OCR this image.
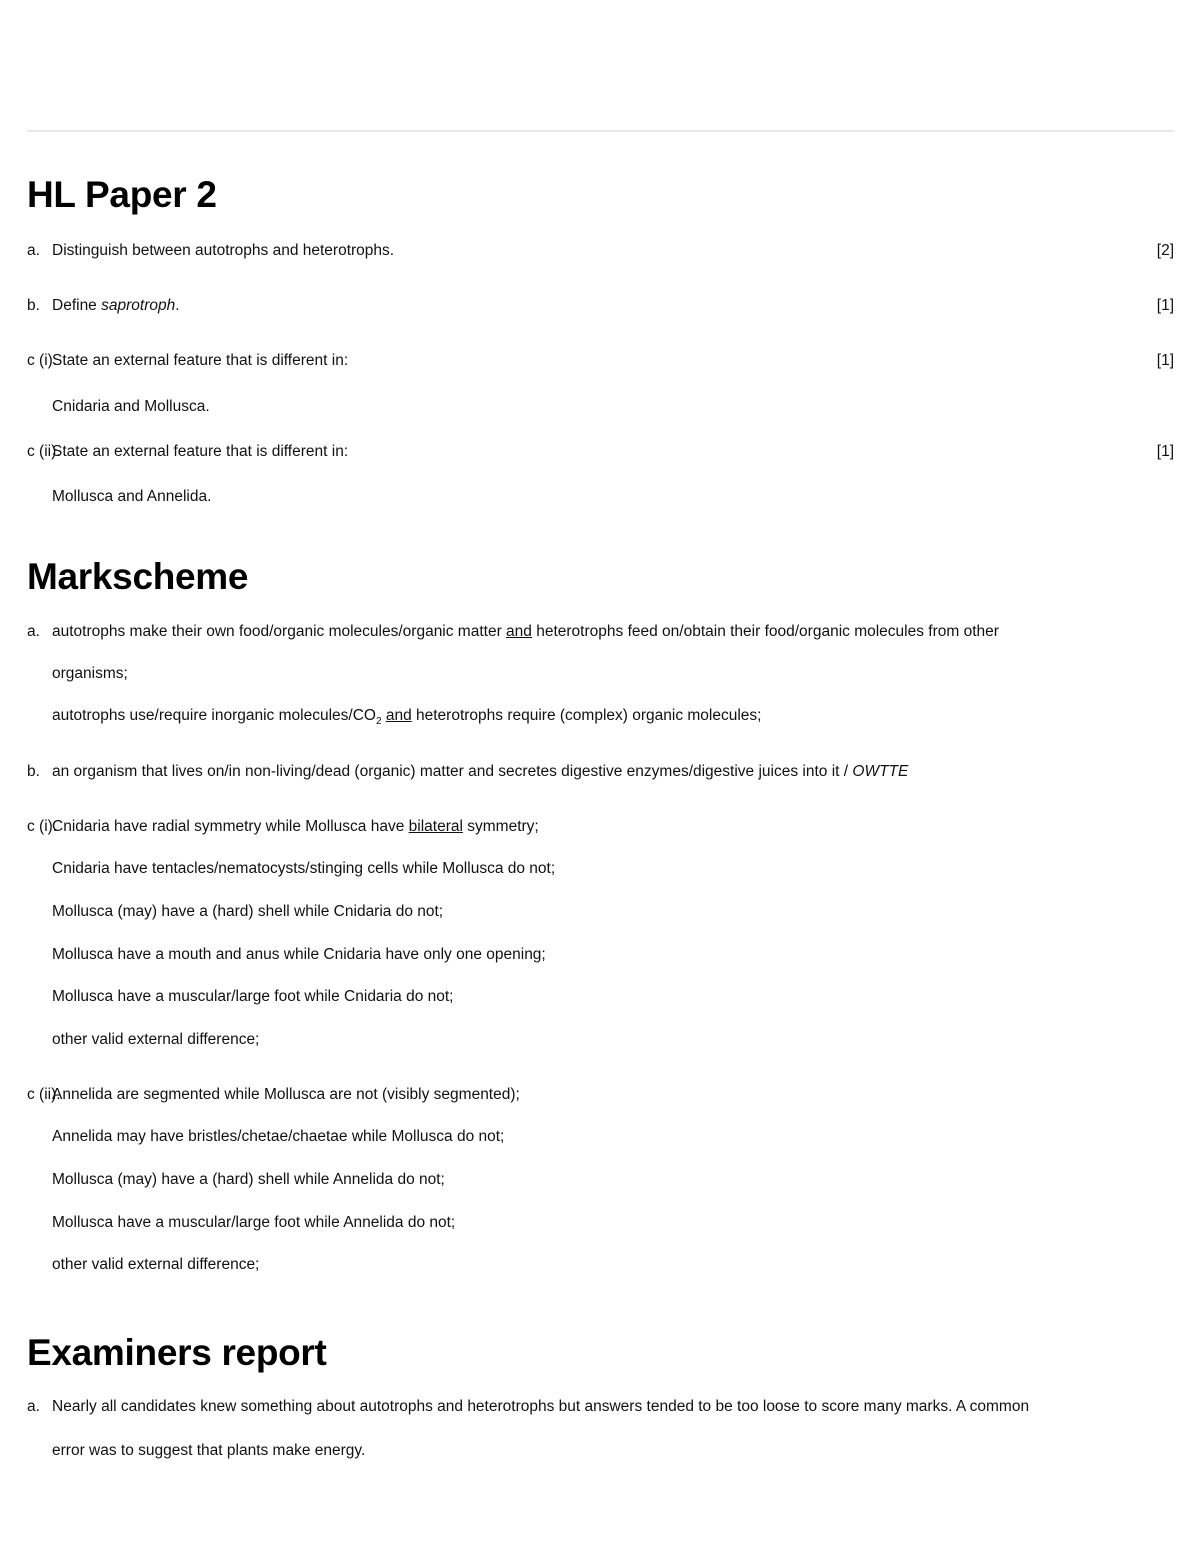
HL Paper 2
a. Distinguish between autotrophs and heterotrophs.	[2]
b. Define saprotroph.	[1]
c (i).
State an external feature that is different in:	[1]
Cnidaria and Mollusca.
c (ii).
State an external feature that is different in:	[1]
Mollusca and Annelida.
Markscheme
a. autotrophs make their own food/organic molecules/organic matter and heterotrophs feed on/obtain their food/organic molecules from other
organisms;
autotrophs use/require inorganic molecules/$CO_2$ and heterotrophs require (complex) organic molecules;
b. an organism that lives on/in non-living/dead (organic) matter and secretes digestive enzymes/digestive juices into it / OWTTE
c (i).
Cnidaria have radial symmetry while Mollusca have bilateral symmetry;
Cnidaria have tentacles/nematocysts/stinging cells while Mollusca do not;
Mollusca (may) have a (hard) shell while Cnidaria do not;
Mollusca have a mouth and anus while Cnidaria have only one opening;
Mollusca have a muscular/large foot while Cnidaria do not;
other valid external difference;
c (ii).
Annelida are segmented while Mollusca are not (visibly segmented);
Annelida may have bristles/chetae/chaetae while Mollusca do not;
Mollusca (may) have a (hard) shell while Annelida do not;
Mollusca have a muscular/large foot while Annelida do not;
other valid external difference;
Examiners report
a. Nearly all candidates knew something about autotrophs and heterotrophs but answers tended to be too loose to score many marks. A common
error was to suggest that plants make energy.
